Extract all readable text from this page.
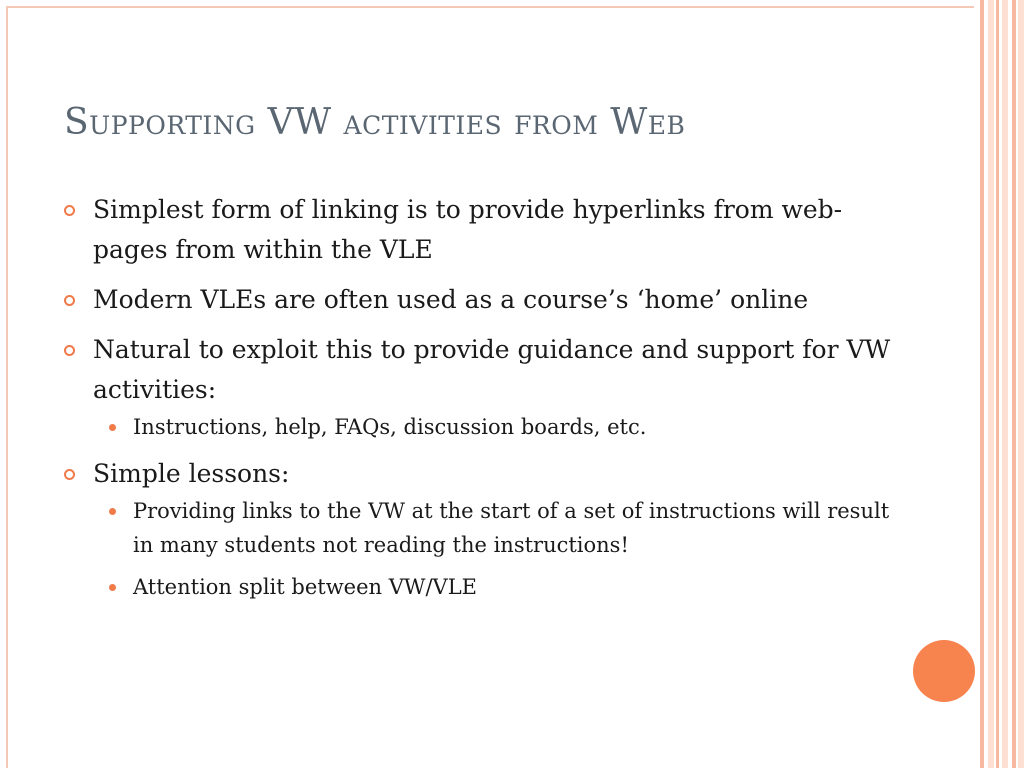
Supporting VW activities from Web
Simplest form of linking is to provide hyperlinks from web-pages from within the VLE
Modern VLEs are often used as a course’s ‘home’ online
Natural to exploit this to provide guidance and support for VW activities:
Instructions, help, FAQs, discussion boards, etc.
Simple lessons:
Providing links to the VW at the start of a set of instructions will result in many students not reading the instructions!
Attention split between VW/VLE
